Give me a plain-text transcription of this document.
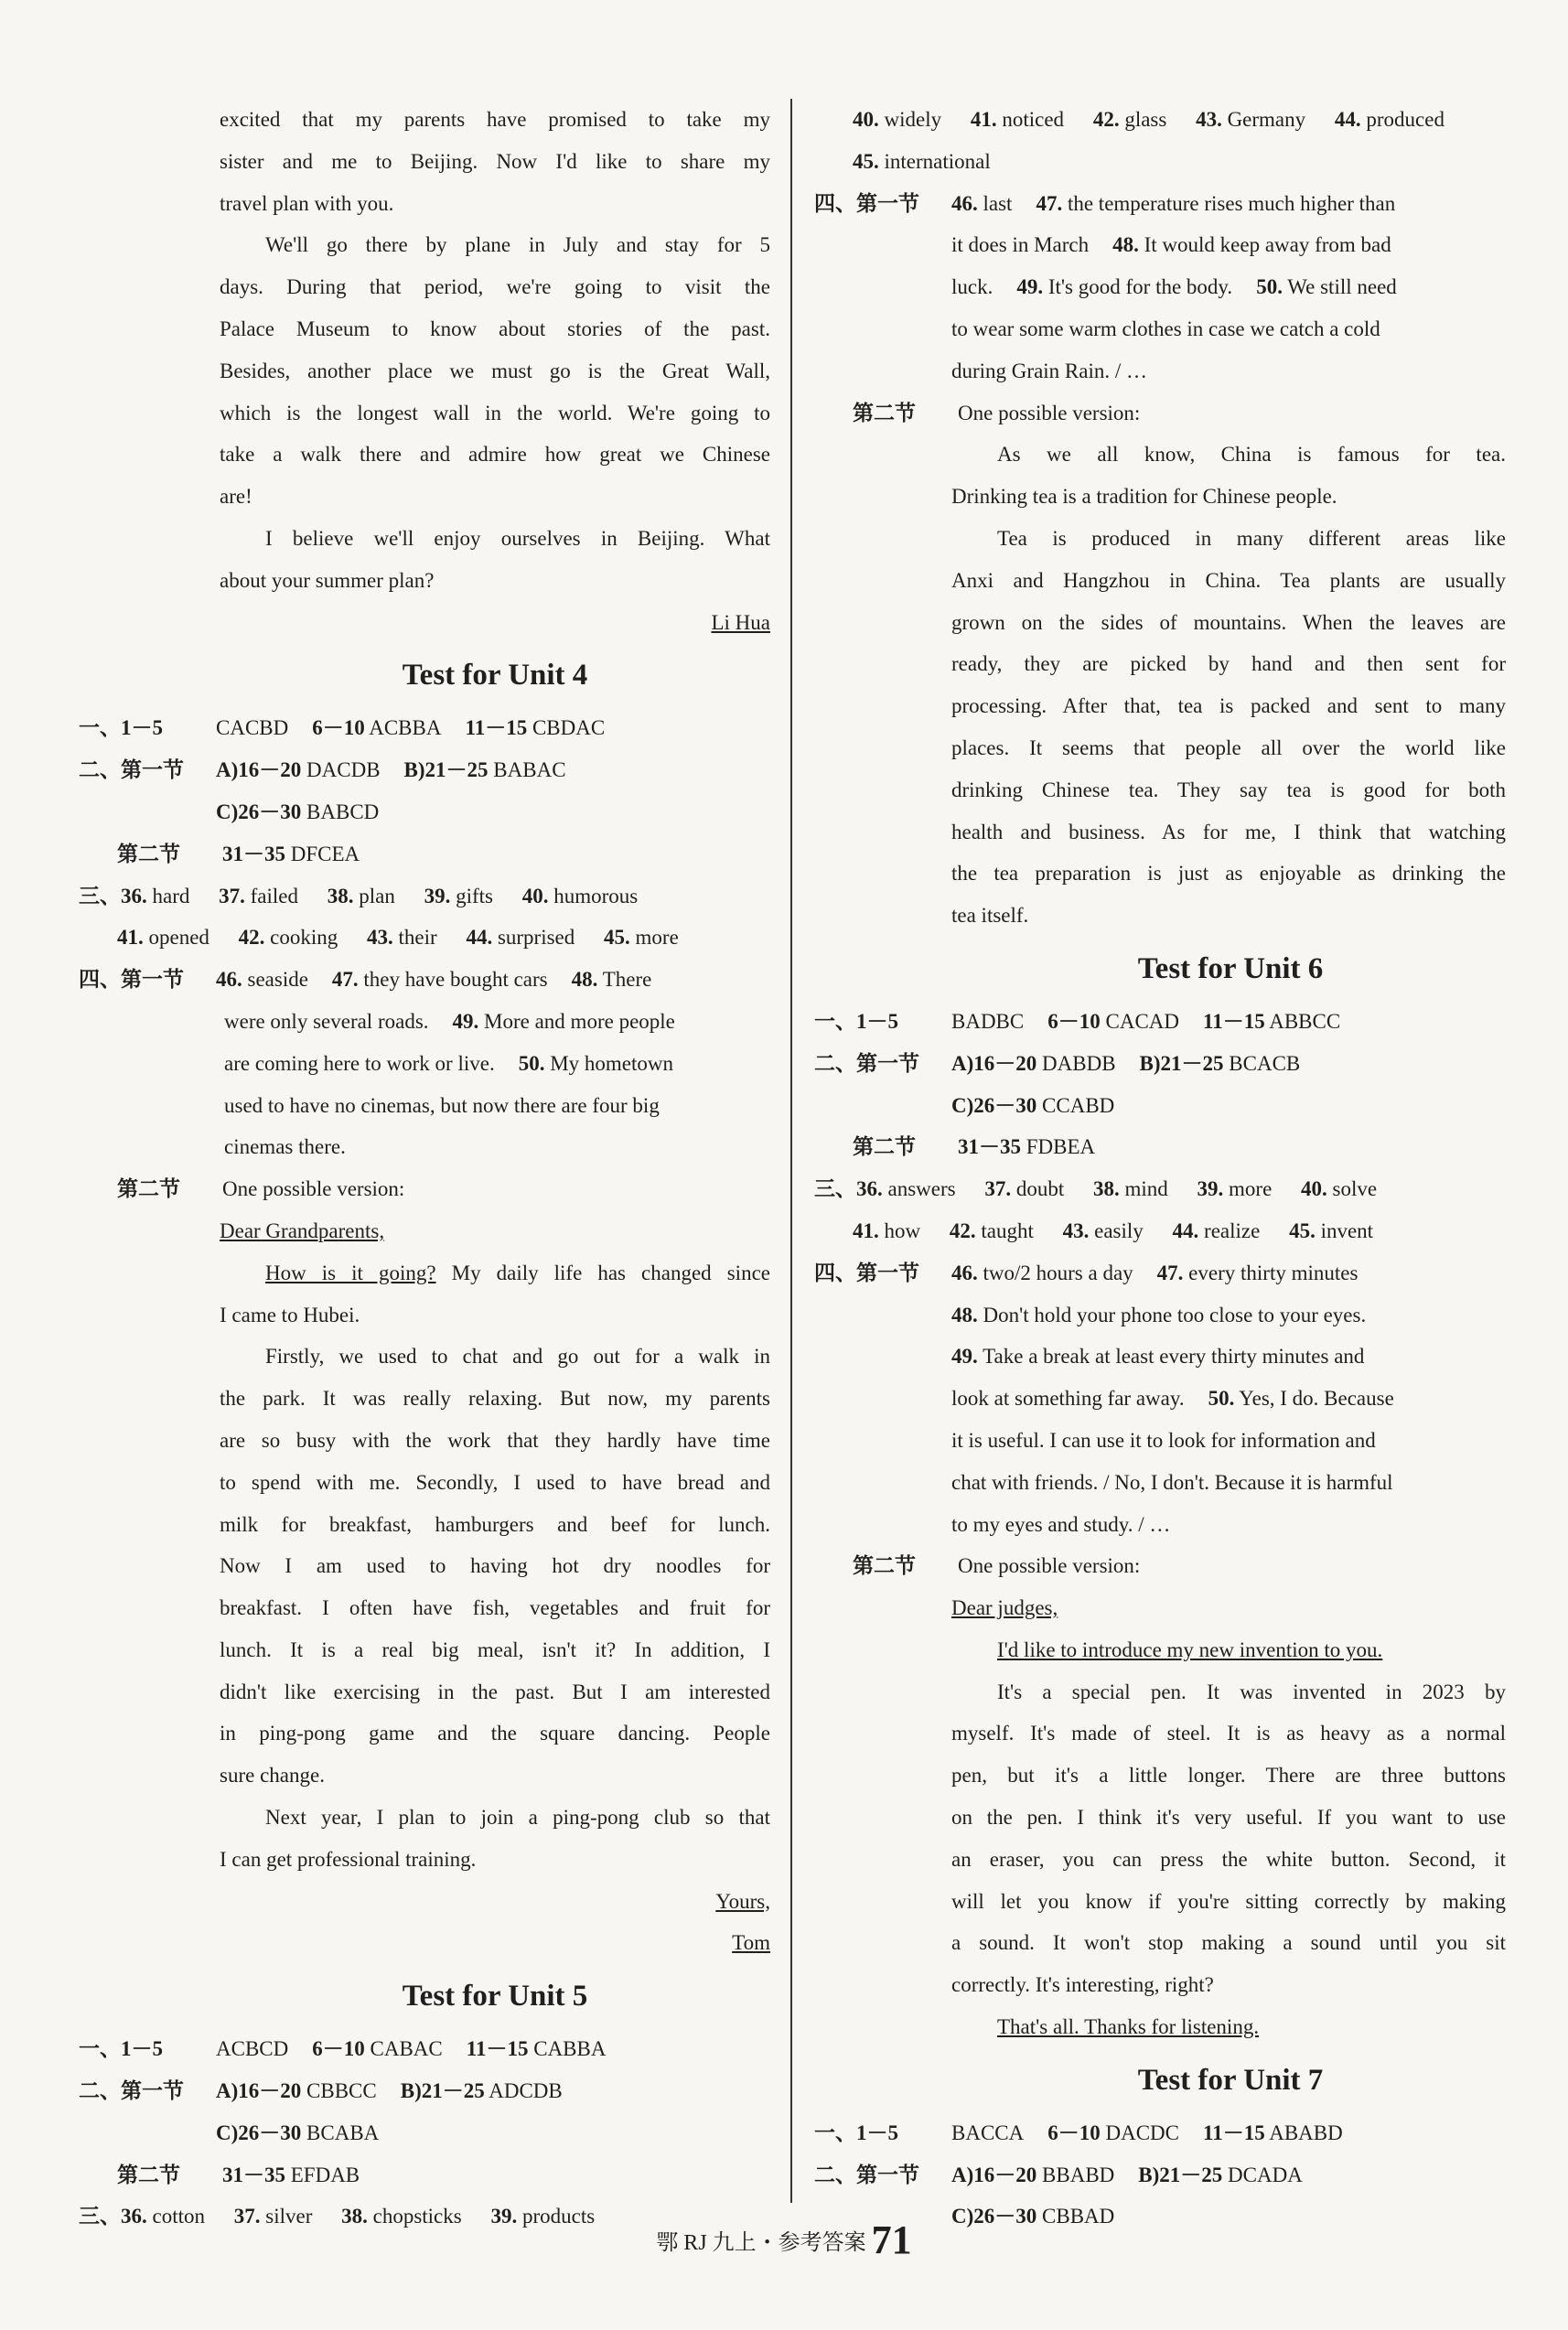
excited that my parents have promised to take my
sister and me to Beijing. Now I'd like to share my
travel plan with you.
We'll go there by plane in July and stay for 5
days. During that period, we're going to visit the
Palace Museum to know about stories of the past.
Besides, another place we must go is the Great Wall,
which is the longest wall in the world. We're going to
take a walk there and admire how great we Chinese
are!
I believe we'll enjoy ourselves in Beijing. What
about your summer plan?
Li Hua
Test for Unit 4
一、1－5	CACBD 6－10 ACBBA 11－15 CBDAC
二、第一节 A)16－20 DACDB B)21－25 BABAC
C)26－30 BABCD
第二节 31－35 DFCEA
三、36. hard 37. failed 38. plan 39. gifts 40. humorous
41. opened 42. cooking 43. their 44. surprised 45. more
四、第一节 46. seaside 47. they have bought cars 48. There
were only several roads. 49. More and more people
are coming here to work or live. 50. My hometown
used to have no cinemas, but now there are four big
cinemas there.
第二节 One possible version:
Dear Grandparents,
How is it going? My daily life has changed since
I came to Hubei.
Firstly, we used to chat and go out for a walk in
the park. It was really relaxing. But now, my parents
are so busy with the work that they hardly have time
to spend with me. Secondly, I used to have bread and
milk for breakfast, hamburgers and beef for lunch.
Now I am used to having hot dry noodles for
breakfast. I often have fish, vegetables and fruit for
lunch. It is a real big meal, isn't it? In addition, I
didn't like exercising in the past. But I am interested
in ping-pong game and the square dancing. People
sure change.
Next year, I plan to join a ping-pong club so that
I can get professional training.
Yours,
Tom
Test for Unit 5
一、1－5	ACBCD 6－10 CABAC 11－15 CABBA
二、第一节 A)16－20 CBBCC B)21－25 ADCDB
C)26－30 BCABA
第二节 31－35 EFDAB
三、36. cotton 37. silver 38. chopsticks 39. products
40. widely 41. noticed 42. glass 43. Germany 44. produced
45. international
四、第一节 46. last 47. the temperature rises much higher than
it does in March 48. It would keep away from bad
luck. 49. It's good for the body. 50. We still need
to wear some warm clothes in case we catch a cold
during Grain Rain. / …
第二节 One possible version:
As we all know, China is famous for tea.
Drinking tea is a tradition for Chinese people.
Tea is produced in many different areas like
Anxi and Hangzhou in China. Tea plants are usually
grown on the sides of mountains. When the leaves are
ready, they are picked by hand and then sent for
processing. After that, tea is packed and sent to many
places. It seems that people all over the world like
drinking Chinese tea. They say tea is good for both
health and business. As for me, I think that watching
the tea preparation is just as enjoyable as drinking the
tea itself.
Test for Unit 6
一、1－5	BADBC 6－10 CACAD 11－15 ABBCC
二、第一节 A)16－20 DABDB B)21－25 BCACB
C)26－30 CCABD
第二节 31－35 FDBEA
三、36. answers 37. doubt 38. mind 39. more 40. solve
41. how 42. taught 43. easily 44. realize 45. invent
四、第一节 46. two/2 hours a day 47. every thirty minutes
48. Don't hold your phone too close to your eyes.
49. Take a break at least every thirty minutes and
look at something far away. 50. Yes, I do. Because
it is useful. I can use it to look for information and
chat with friends. / No, I don't. Because it is harmful
to my eyes and study. / …
第二节 One possible version:
Dear judges,
I'd like to introduce my new invention to you.
It's a special pen. It was invented in 2023 by
myself. It's made of steel. It is as heavy as a normal
pen, but it's a little longer. There are three buttons
on the pen. I think it's very useful. If you want to use
an eraser, you can press the white button. Second, it
will let you know if you're sitting correctly by making
a sound. It won't stop making a sound until you sit
correctly. It's interesting, right?
That's all. Thanks for listening.
Test for Unit 7
一、1－5	BACCA 6－10 DACDC 11－15 ABABD
二、第一节 A)16－20 BBABD B)21－25 DCADA
C)26－30 CBBAD
鄂 RJ 九上・参考答案 71
